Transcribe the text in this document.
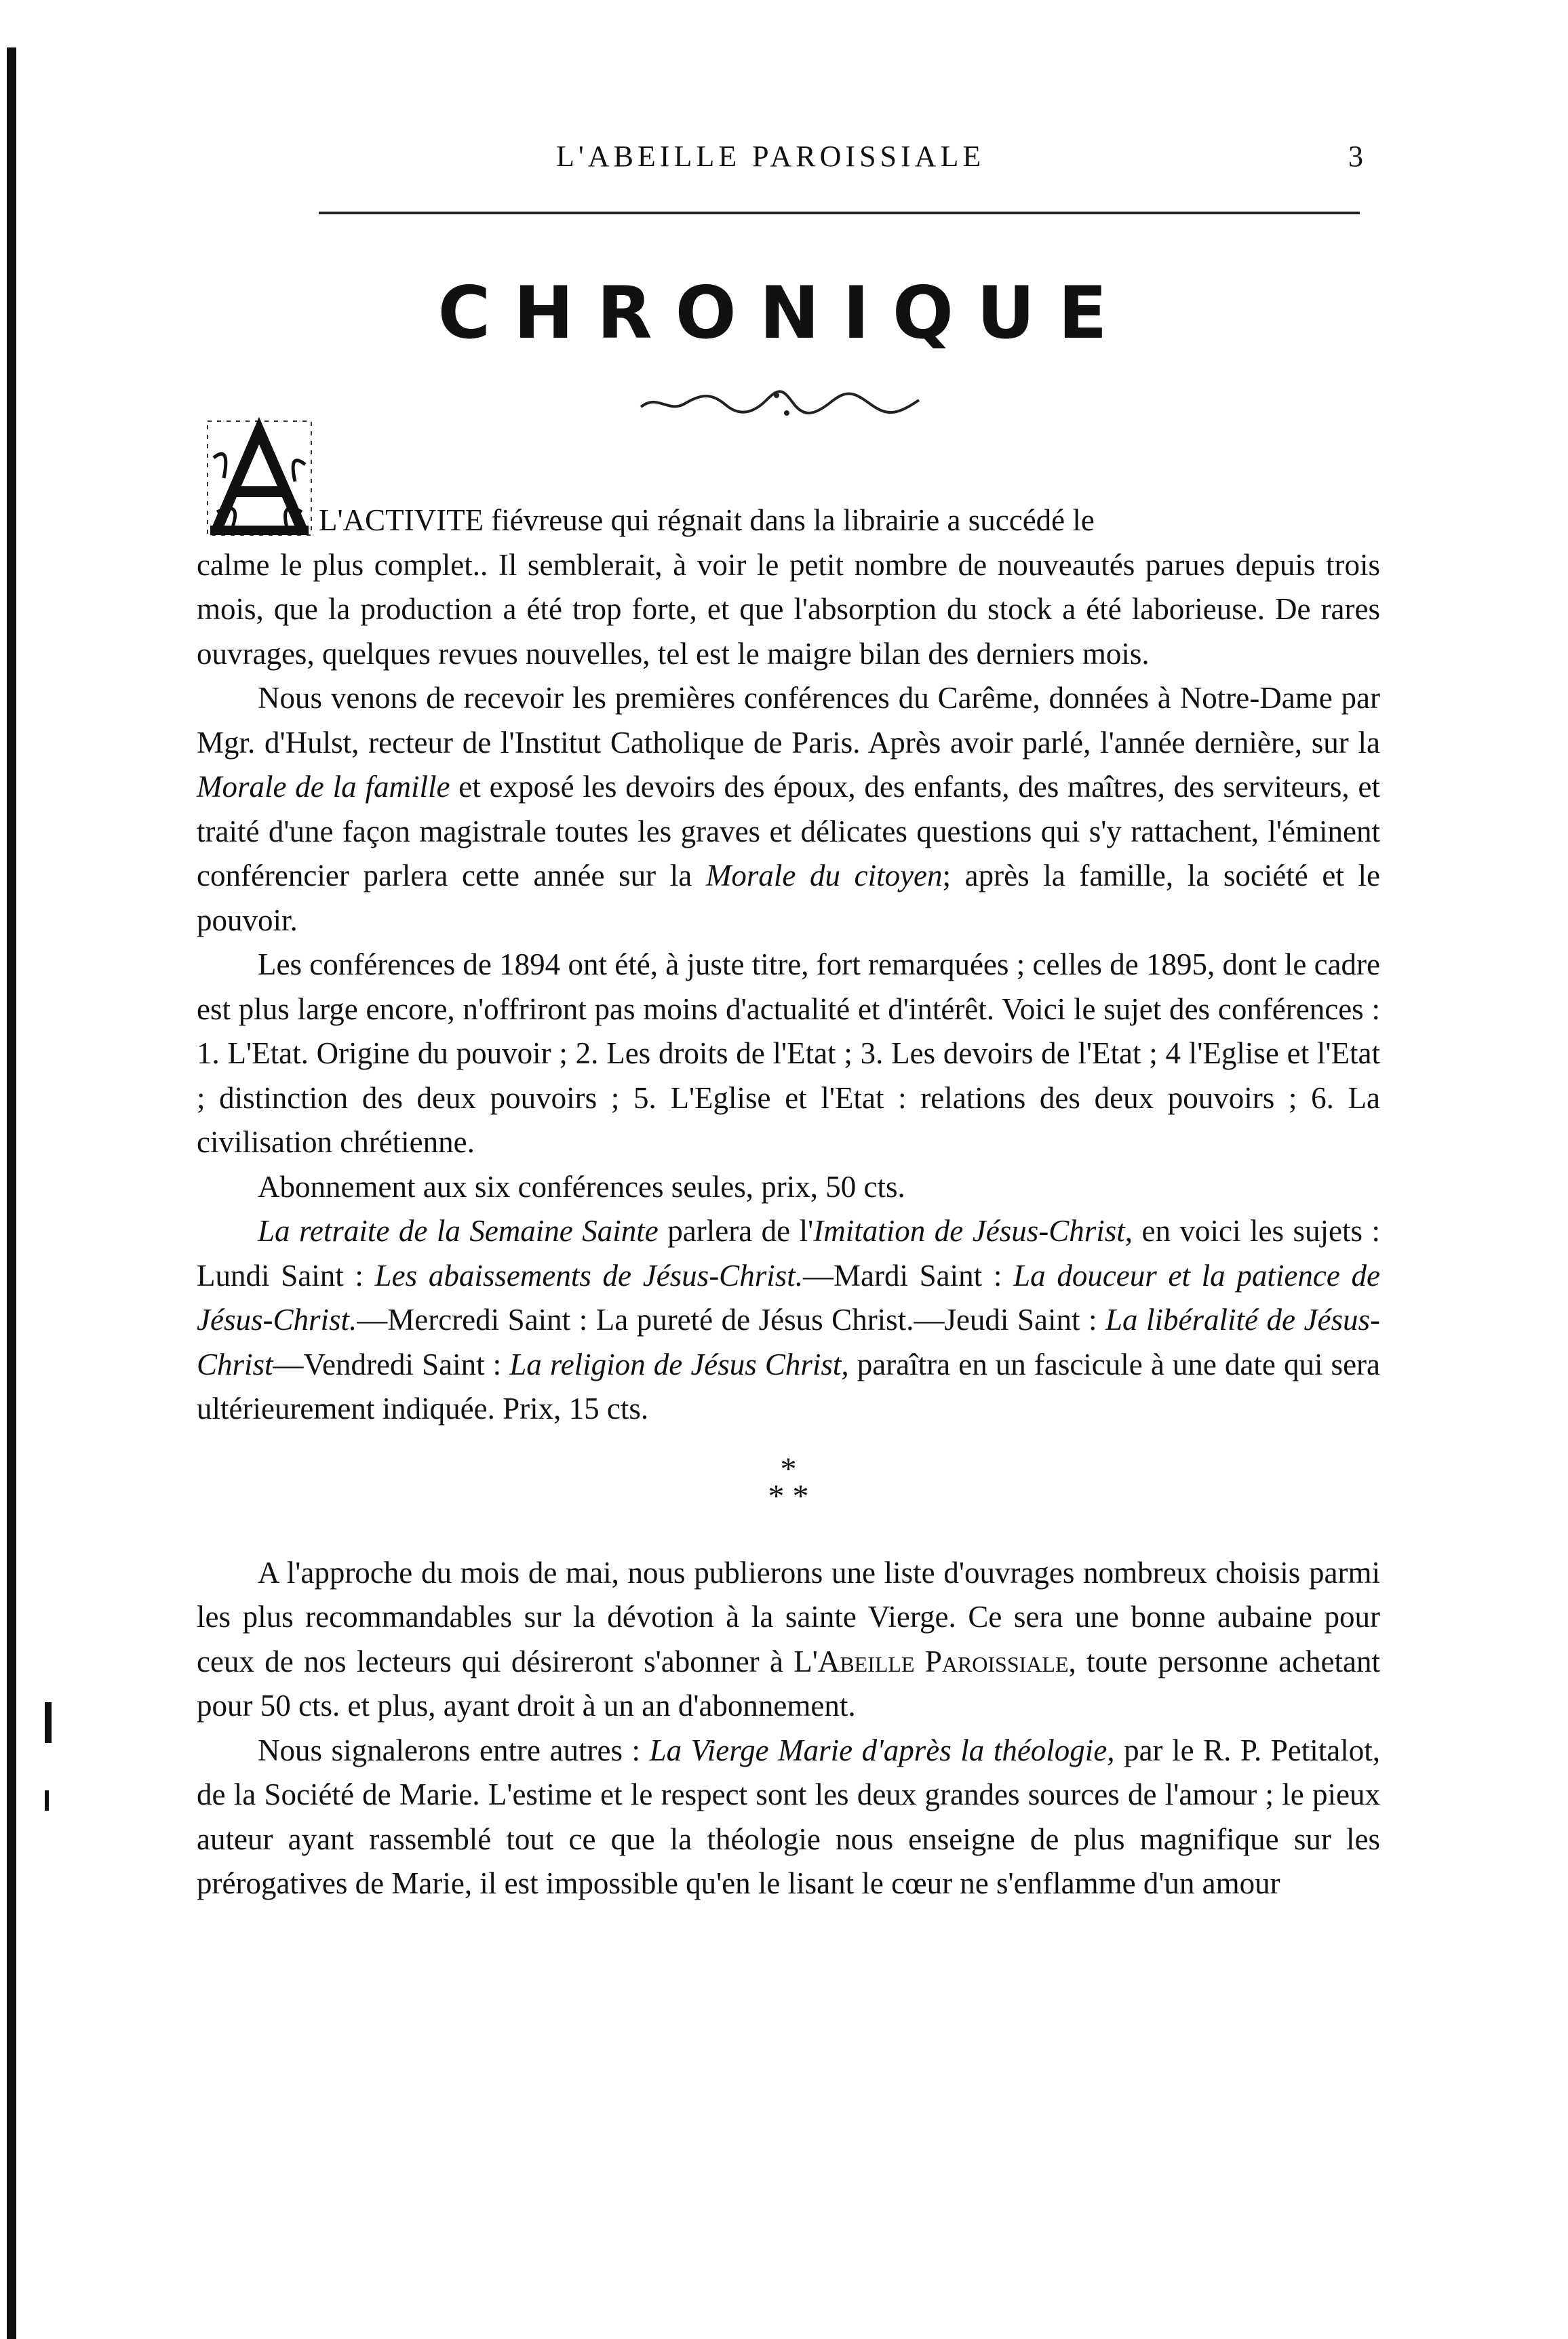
L'ABEILLE PAROISSIALE	3
CHRONIQUE

L'ACTIVITE fiévreuse qui régnait dans la librairie a succédé le

calme le plus complet.. Il semblerait, à voir le petit nombre de nouveautés parues depuis trois mois, que la production a été trop forte, et que l'absorption du stock a été laborieuse. De rares ouvrages, quelques revues nouvelles, tel est le maigre bilan des derniers mois.

Nous venons de recevoir les premières conférences du Carême, données à Notre-Dame par Mgr. d'Hulst, recteur de l'Institut Catholique de Paris. Après avoir parlé, l'année dernière, sur la Morale de la famille et exposé les devoirs des époux, des enfants, des maîtres, des serviteurs, et traité d'une façon magistrale toutes les graves et délicates questions qui s'y rattachent, l'éminent conférencier parlera cette année sur la Morale du citoyen; après la famille, la société et le pouvoir.

Les conférences de 1894 ont été, à juste titre, fort remarquées ; celles de 1895, dont le cadre est plus large encore, n'offriront pas moins d'actualité et d'intérêt. Voici le sujet des conférences : 1. L'Etat. Origine du pouvoir ; 2. Les droits de l'Etat ; 3. Les devoirs de l'Etat ; 4 l'Eglise et l'Etat ; distinction des deux pouvoirs ; 5. L'Eglise et l'Etat : relations des deux pouvoirs ; 6. La civilisation chrétienne.

Abonnement aux six conférences seules, prix, 50 cts.

La retraite de la Semaine Sainte parlera de l'Imitation de Jésus-Christ, en voici les sujets : Lundi Saint : Les abaissements de Jésus-Christ.—Mardi Saint : La douceur et la patience de Jésus-Christ.—Mercredi Saint : La pureté de Jésus Christ.—Jeudi Saint : La libéralité de Jésus-Christ—Vendredi Saint : La religion de Jésus Christ, paraîtra en un fascicule à une date qui sera ultérieurement indiquée. Prix, 15 cts.

*
* *

A l'approche du mois de mai, nous publierons une liste d'ouvrages nombreux choisis parmi les plus recommandables sur la dévotion à la sainte Vierge. Ce sera une bonne aubaine pour ceux de nos lecteurs qui désireront s'abonner à L'Abeille Paroissiale, toute personne achetant pour 50 cts. et plus, ayant droit à un an d'abonnement.

Nous signalerons entre autres : La Vierge Marie d'après la théologie, par le R. P. Petitalot, de la Société de Marie. L'estime et le respect sont les deux grandes sources de l'amour ; le pieux auteur ayant rassemblé tout ce que la théologie nous enseigne de plus magnifique sur les prérogatives de Marie, il est impossible qu'en le lisant le cœur ne s'enflamme d'un amour
